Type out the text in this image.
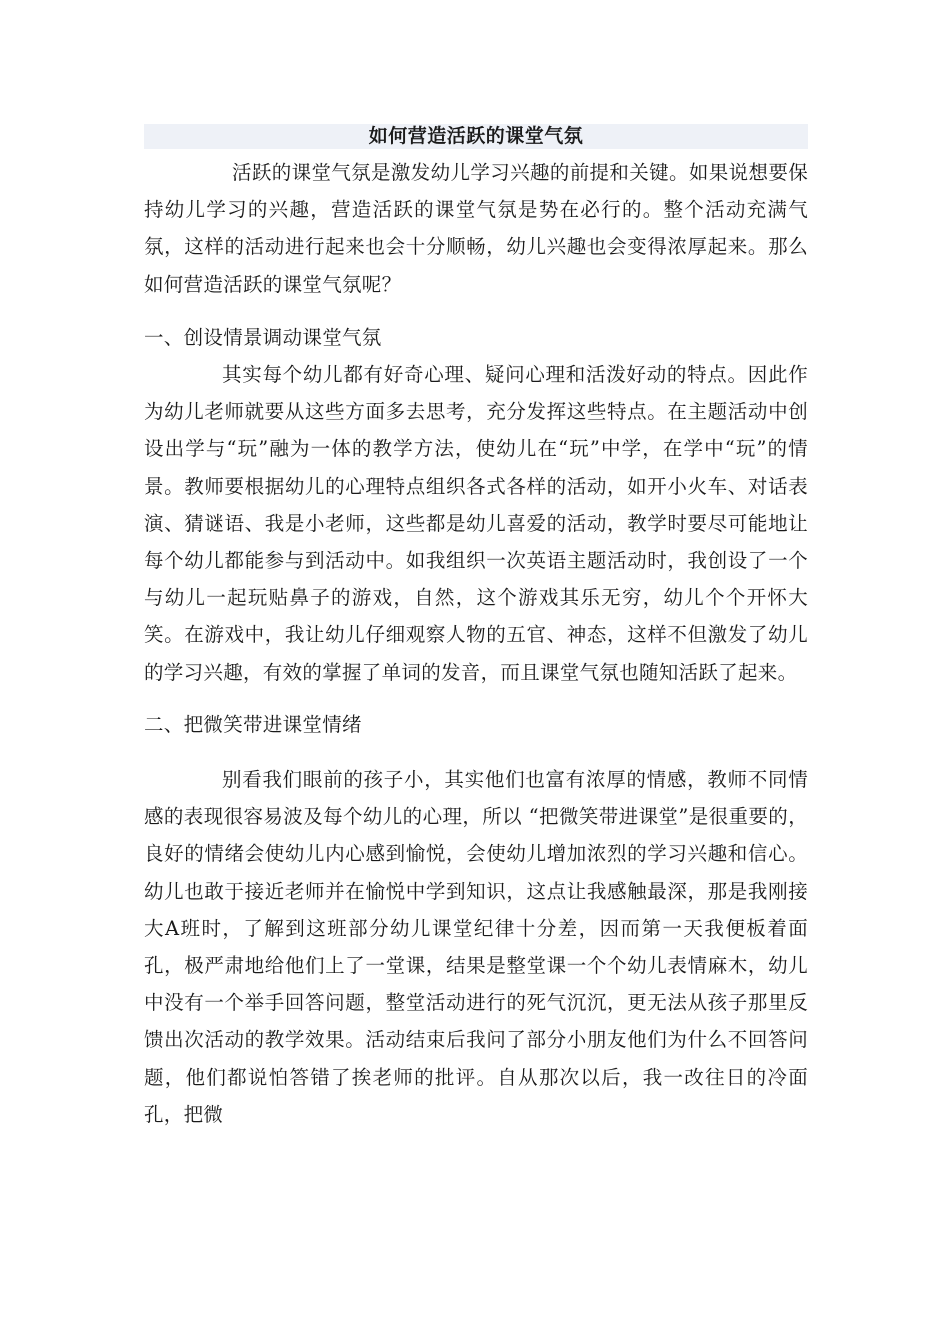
如何营造活跃的课堂气氛

活跃的课堂气氛是激发幼儿学习兴趣的前提和关键。如果说想要保持幼儿学习的兴趣，营造活跃的课堂气氛是势在必行的。整个活动充满气氛，这样的活动进行起来也会十分顺畅，幼儿兴趣也会变得浓厚起来。那么如何营造活跃的课堂气氛呢？

一、创设情景调动课堂气氛

其实每个幼儿都有好奇心理、疑问心理和活泼好动的特点。因此作为幼儿老师就要从这些方面多去思考，充分发挥这些特点。在主题活动中创设出学与“玩”融为一体的教学方法，使幼儿在“玩”中学，在学中“玩”的情景。教师要根据幼儿的心理特点组织各式各样的活动，如开小火车、对话表演、猜谜语、我是小老师，这些都是幼儿喜爱的活动，教学时要尽可能地让每个幼儿都能参与到活动中。如我组织一次英语主题活动时，我创设了一个与幼儿一起玩贴鼻子的游戏，自然，这个游戏其乐无穷，幼儿个个开怀大笑。在游戏中，我让幼儿仔细观察人物的五官、神态，这样不但激发了幼儿的学习兴趣，有效的掌握了单词的发音，而且课堂气氛也随知活跃了起来。

二、把微笑带进课堂情绪

别看我们眼前的孩子小，其实他们也富有浓厚的情感，教师不同情感的表现很容易波及每个幼儿的心理，所以 “把微笑带进课堂”是很重要的，良好的情绪会使幼儿内心感到愉悦，会使幼儿增加浓烈的学习兴趣和信心。幼儿也敢于接近老师并在愉悦中学到知识，这点让我感触最深，那是我刚接大A班时，了解到这班部分幼儿课堂纪律十分差，因而第一天我便板着面孔，极严肃地给他们上了一堂课，结果是整堂课一个个幼儿表情麻木，幼儿中没有一个举手回答问题，整堂活动进行的死气沉沉，更无法从孩子那里反馈出次活动的教学效果。活动结束后我问了部分小朋友他们为什么不回答问题，他们都说怕答错了挨老师的批评。自从那次以后，我一改往日的冷面孔，把微
